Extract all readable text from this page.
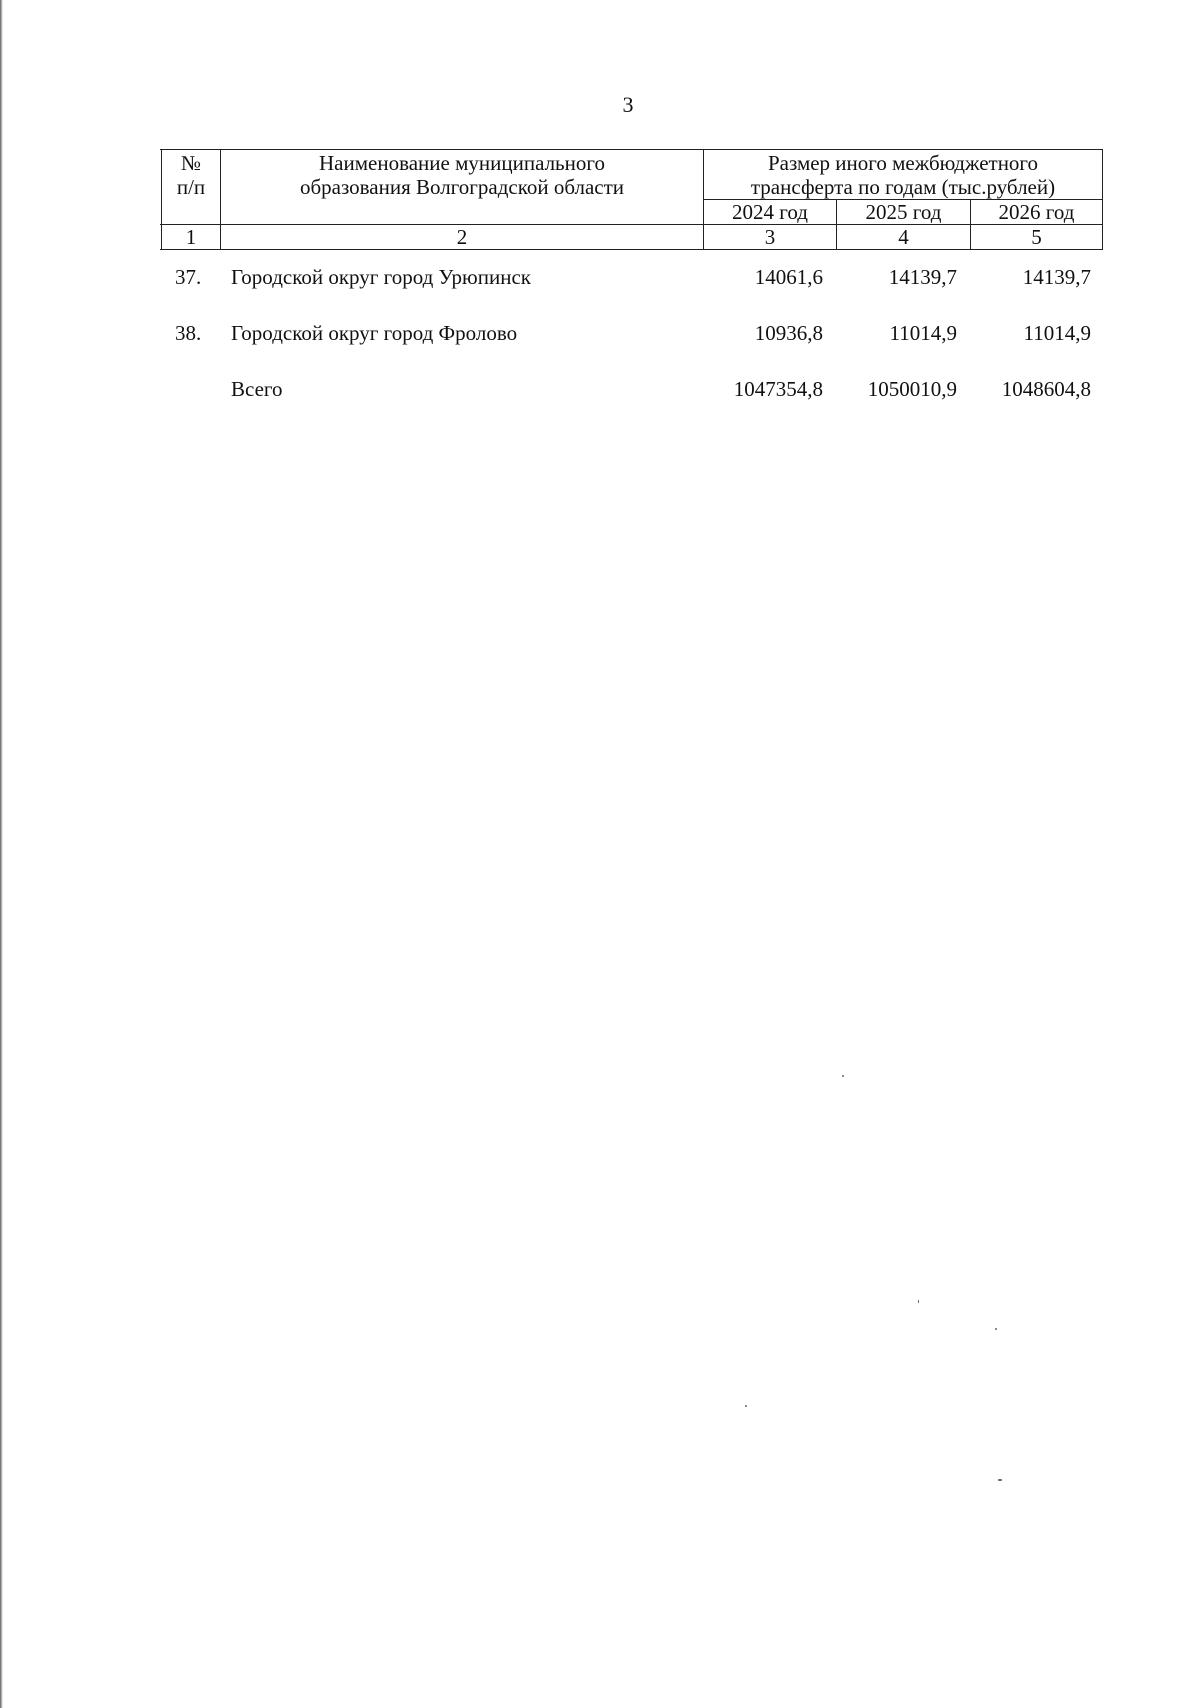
3
№
п/п
Наименование муниципального
образования Волгоградской области
Размер иного межбюджетного
трансферта по годам (тыс.рублей)
2024 год	2025 год	2026 год
1	2	3	4	5
37. Городской округ город Урюпинск	14061,6	14139,7	14139,7
38. Городской округ город Фролово	10936,8	11014,9	11014,9
Всего	1047354,8	1050010,9	1048604,8
